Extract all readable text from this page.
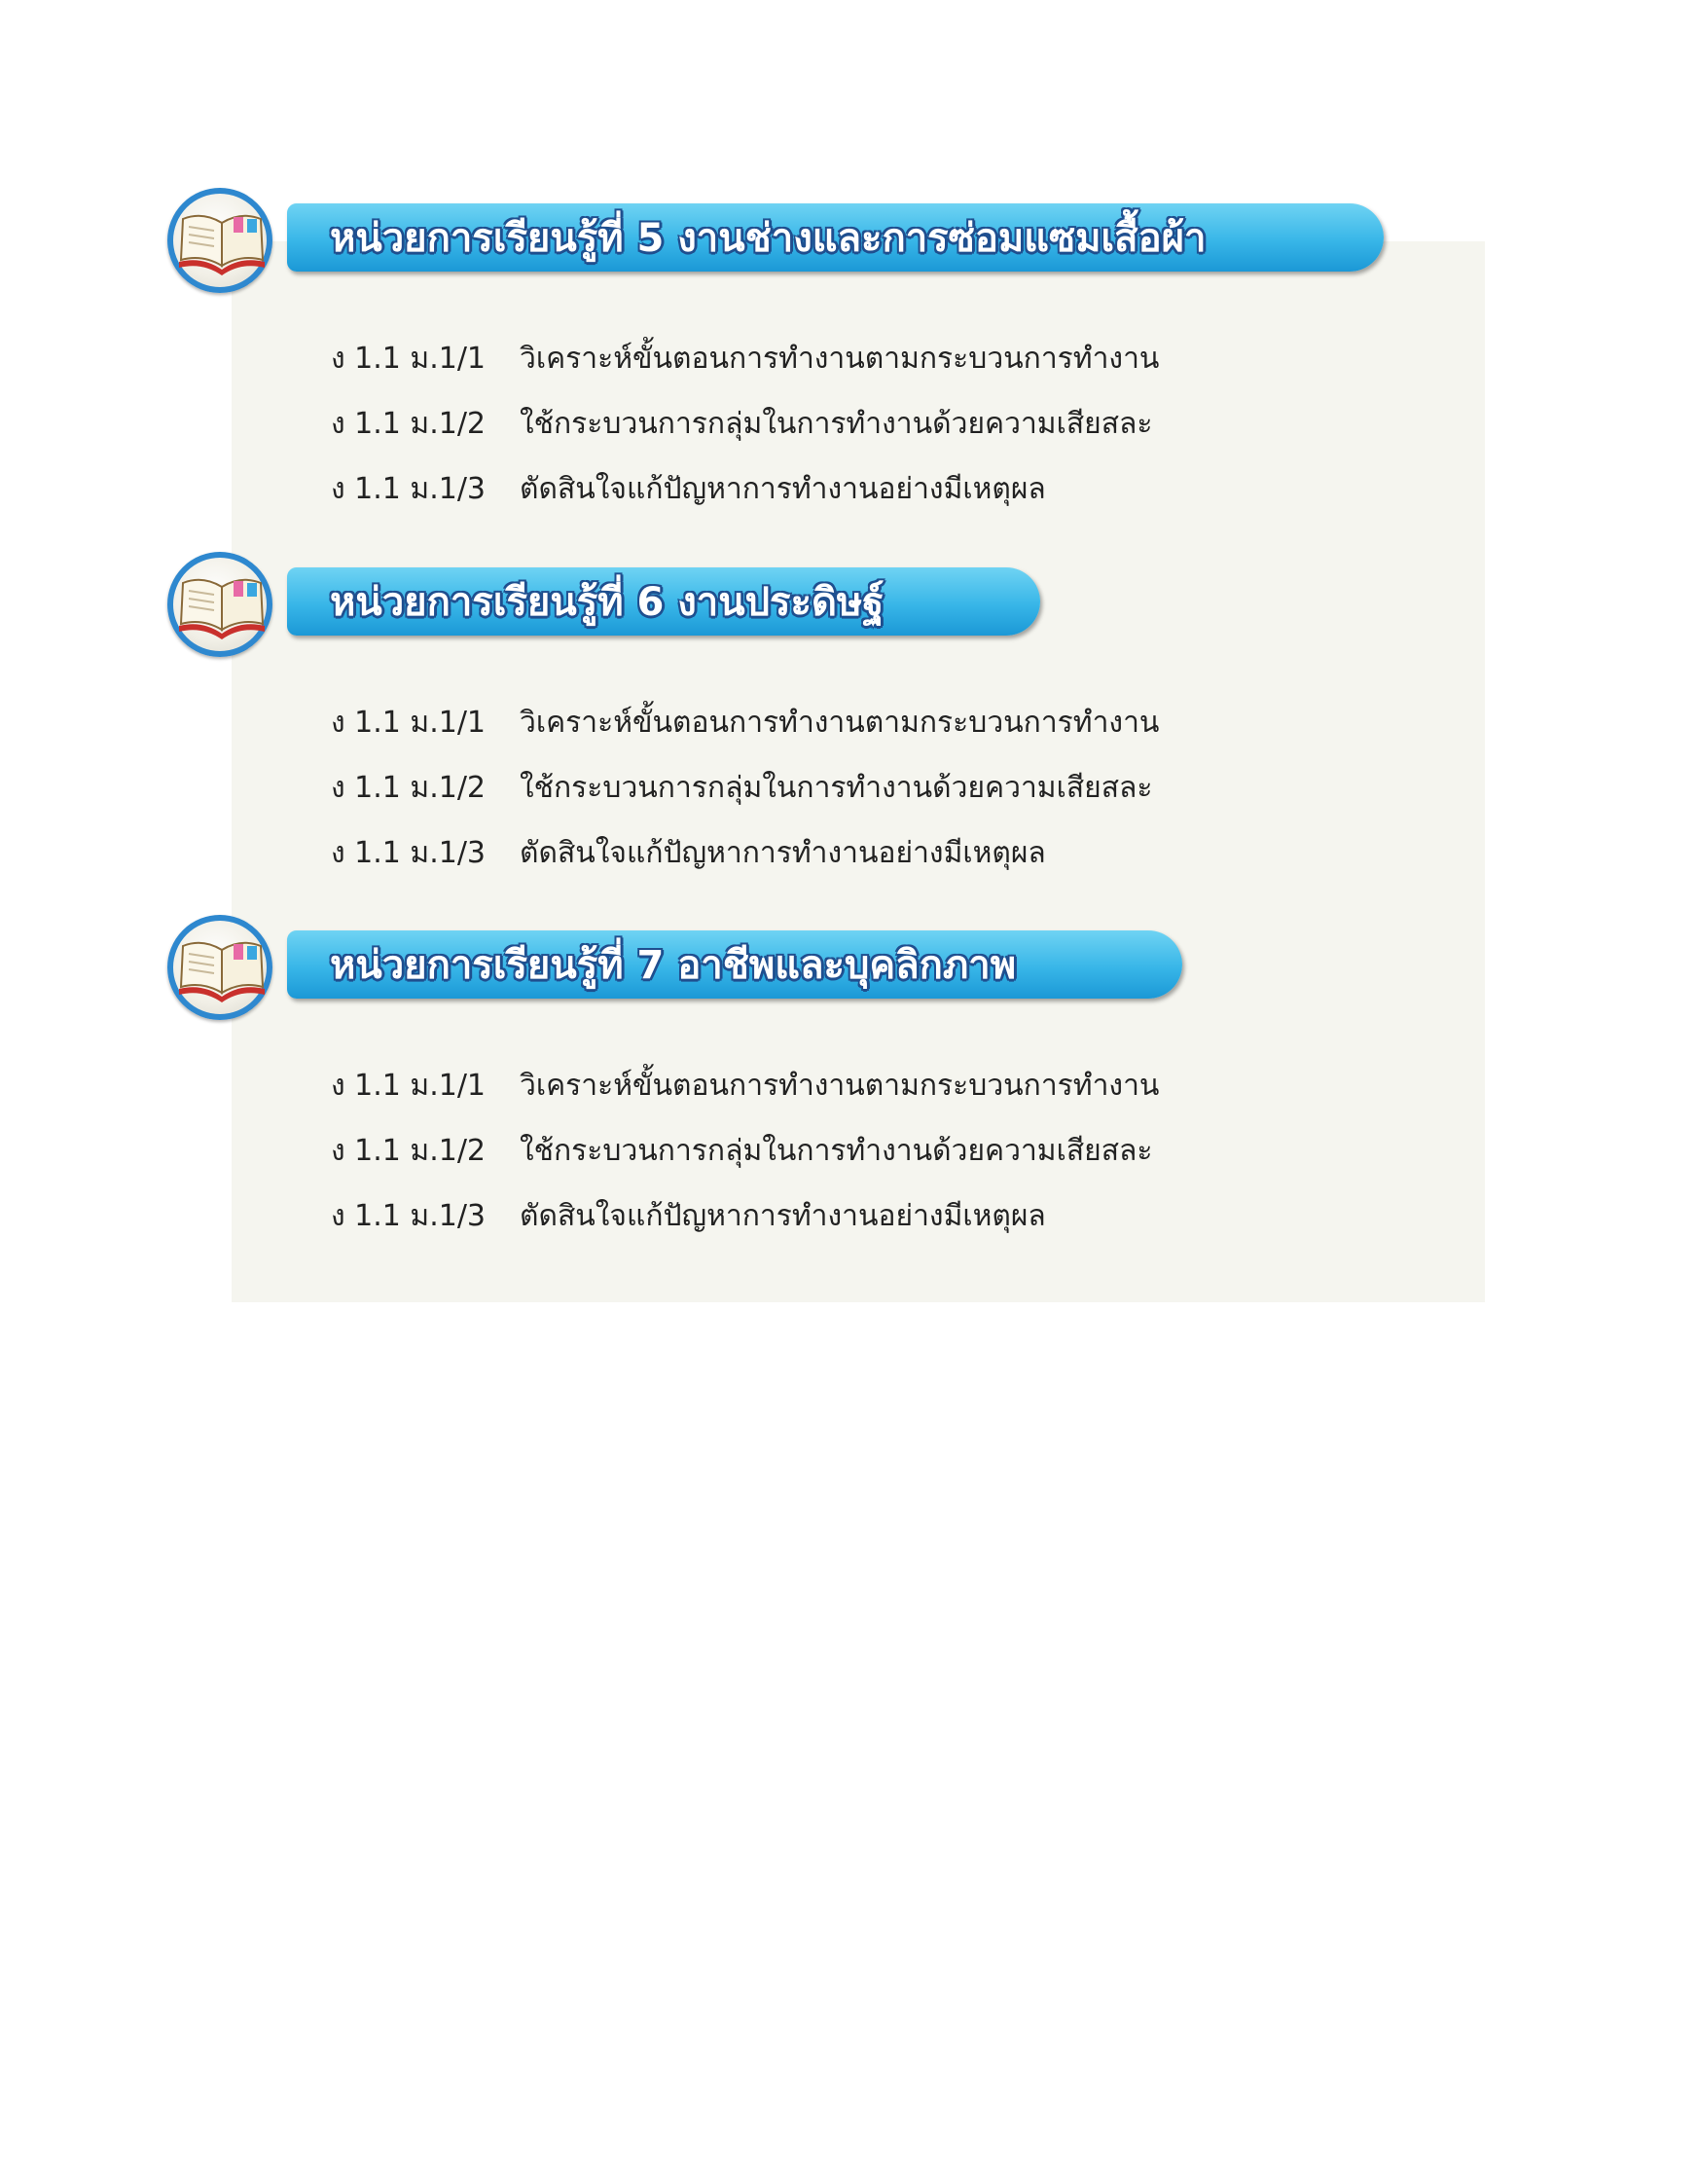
หน่วยการเรียนรู้ที่ 5 งานช่างและการซ่อมแซมเสื้อผ้า
ง 1.1 ม.1/1	วิเคราะห์ขั้นตอนการทำงานตามกระบวนการทำงาน
ง 1.1 ม.1/2	ใช้กระบวนการกลุ่มในการทำงานด้วยความเสียสละ
ง 1.1 ม.1/3	ตัดสินใจแก้ปัญหาการทำงานอย่างมีเหตุผล
หน่วยการเรียนรู้ที่ 6 งานประดิษฐ์
ง 1.1 ม.1/1	วิเคราะห์ขั้นตอนการทำงานตามกระบวนการทำงาน
ง 1.1 ม.1/2	ใช้กระบวนการกลุ่มในการทำงานด้วยความเสียสละ
ง 1.1 ม.1/3	ตัดสินใจแก้ปัญหาการทำงานอย่างมีเหตุผล
หน่วยการเรียนรู้ที่ 7 อาชีพและบุคลิกภาพ
ง 1.1 ม.1/1	วิเคราะห์ขั้นตอนการทำงานตามกระบวนการทำงาน
ง 1.1 ม.1/2	ใช้กระบวนการกลุ่มในการทำงานด้วยความเสียสละ
ง 1.1 ม.1/3	ตัดสินใจแก้ปัญหาการทำงานอย่างมีเหตุผล
